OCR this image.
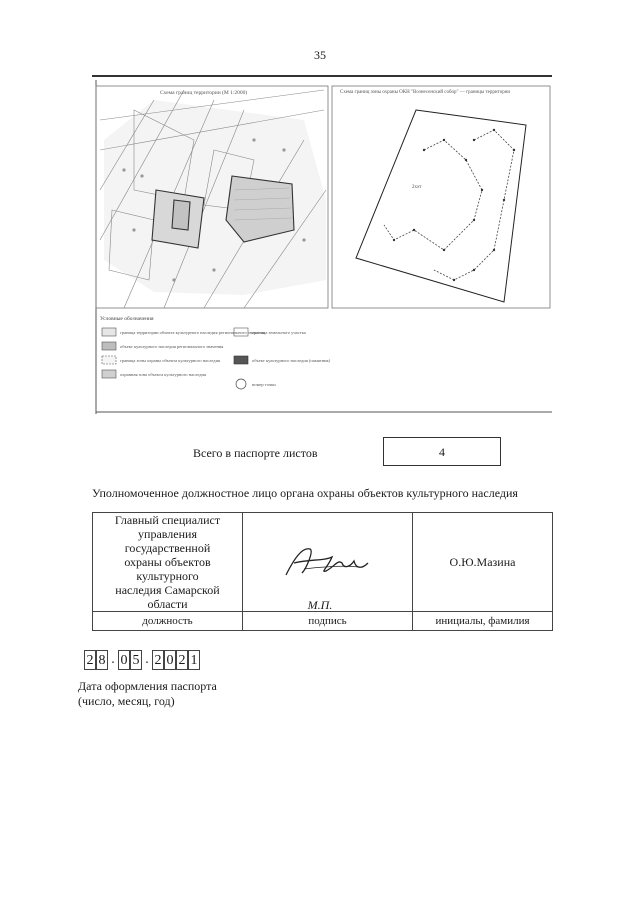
35
Схема границ территории (М 1:2000)	Схема границ зоны охраны ОКН "Вознесенский собор" — границы территории
2хэт
Условные обозначения
граница территории объекта культурного наследия регионального значения
объект культурного наследия регионального значения
граница зоны охраны объекта культурного наследия
охранная зона объекта культурного наследия
граница земельного участка
объект культурного наследия (памятник)
номер точки
Всего в паспорте листов	4
Уполномоченное должностное лицо органа охраны объектов культурного наследия
Главный специалист
управления государственной
охраны объектов культурного
наследия Самарской области		О.Ю.Мазина
должность	подпись	инициалы, фамилия
М.П.
2 8 . 0 5 . 2 0 2 1
Дата оформления паспорта
(число, месяц, год)
